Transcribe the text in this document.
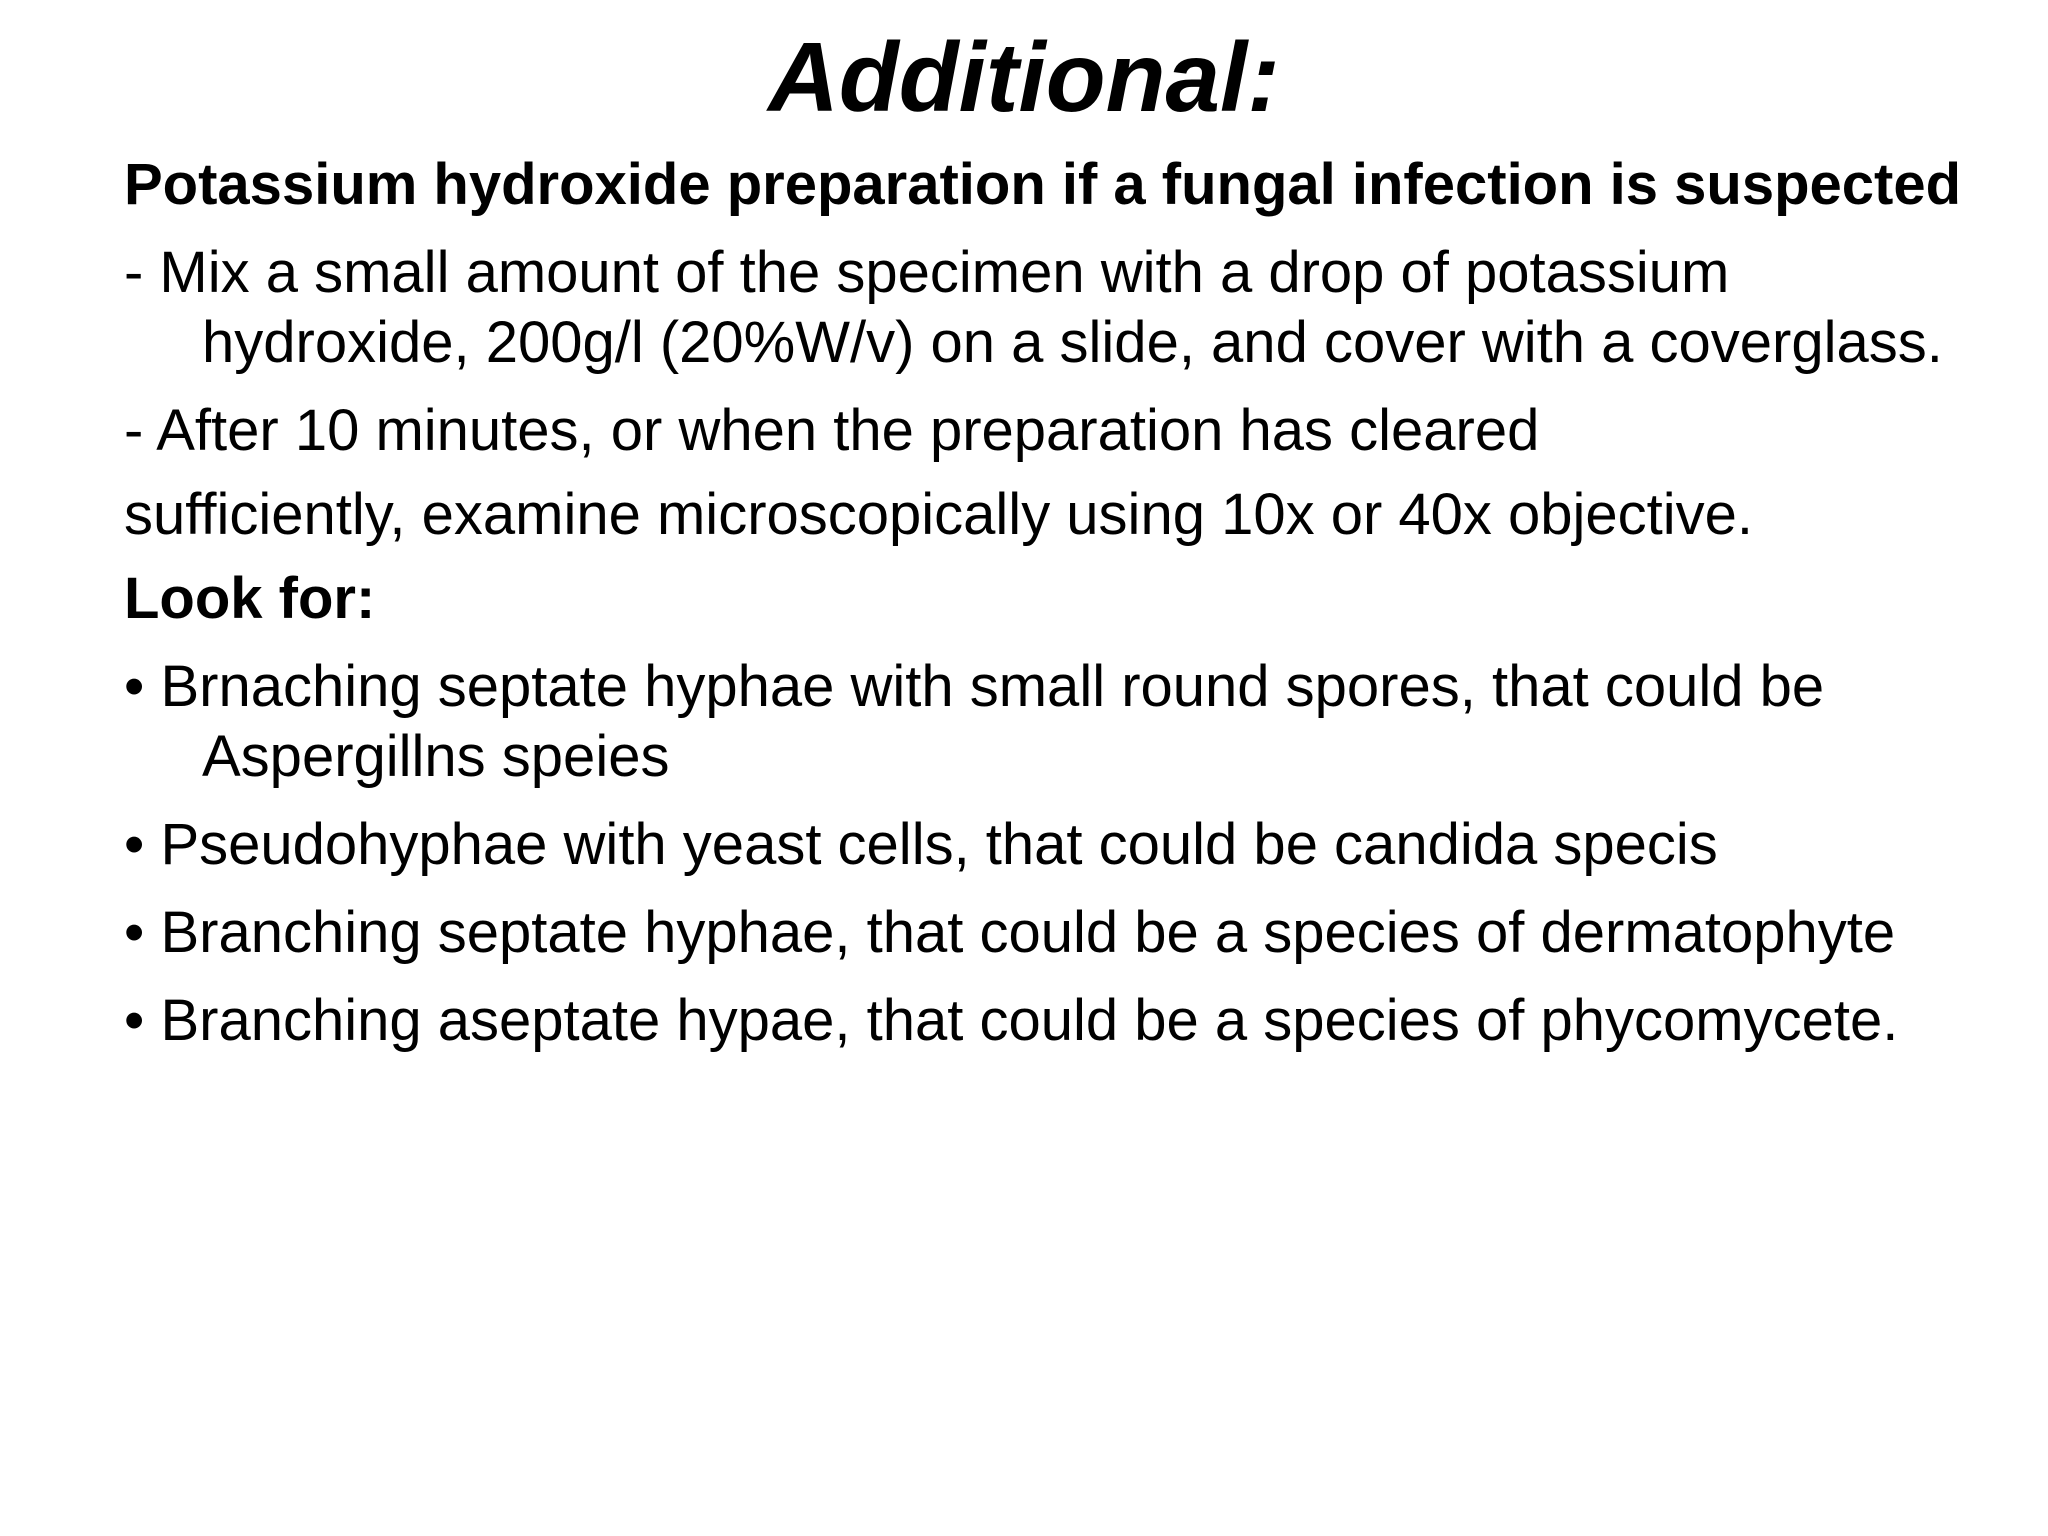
Additional:

Potassium hydroxide preparation if a fungal infection is suspected

- Mix a small amount of the specimen with a drop of potassium hydroxide, 200g/l (20%W/v) on a slide, and cover with a coverglass.

- After 10 minutes, or when the preparation has cleared

sufficiently, examine microscopically using 10x or 40x objective.

Look for:

• Brnaching septate hyphae with small round spores, that could be Aspergillns speies

• Pseudohyphae with yeast cells, that could be candida specis

• Branching septate hyphae, that could be a species of dermatophyte

• Branching aseptate hypae, that could be a species of phycomycete.
